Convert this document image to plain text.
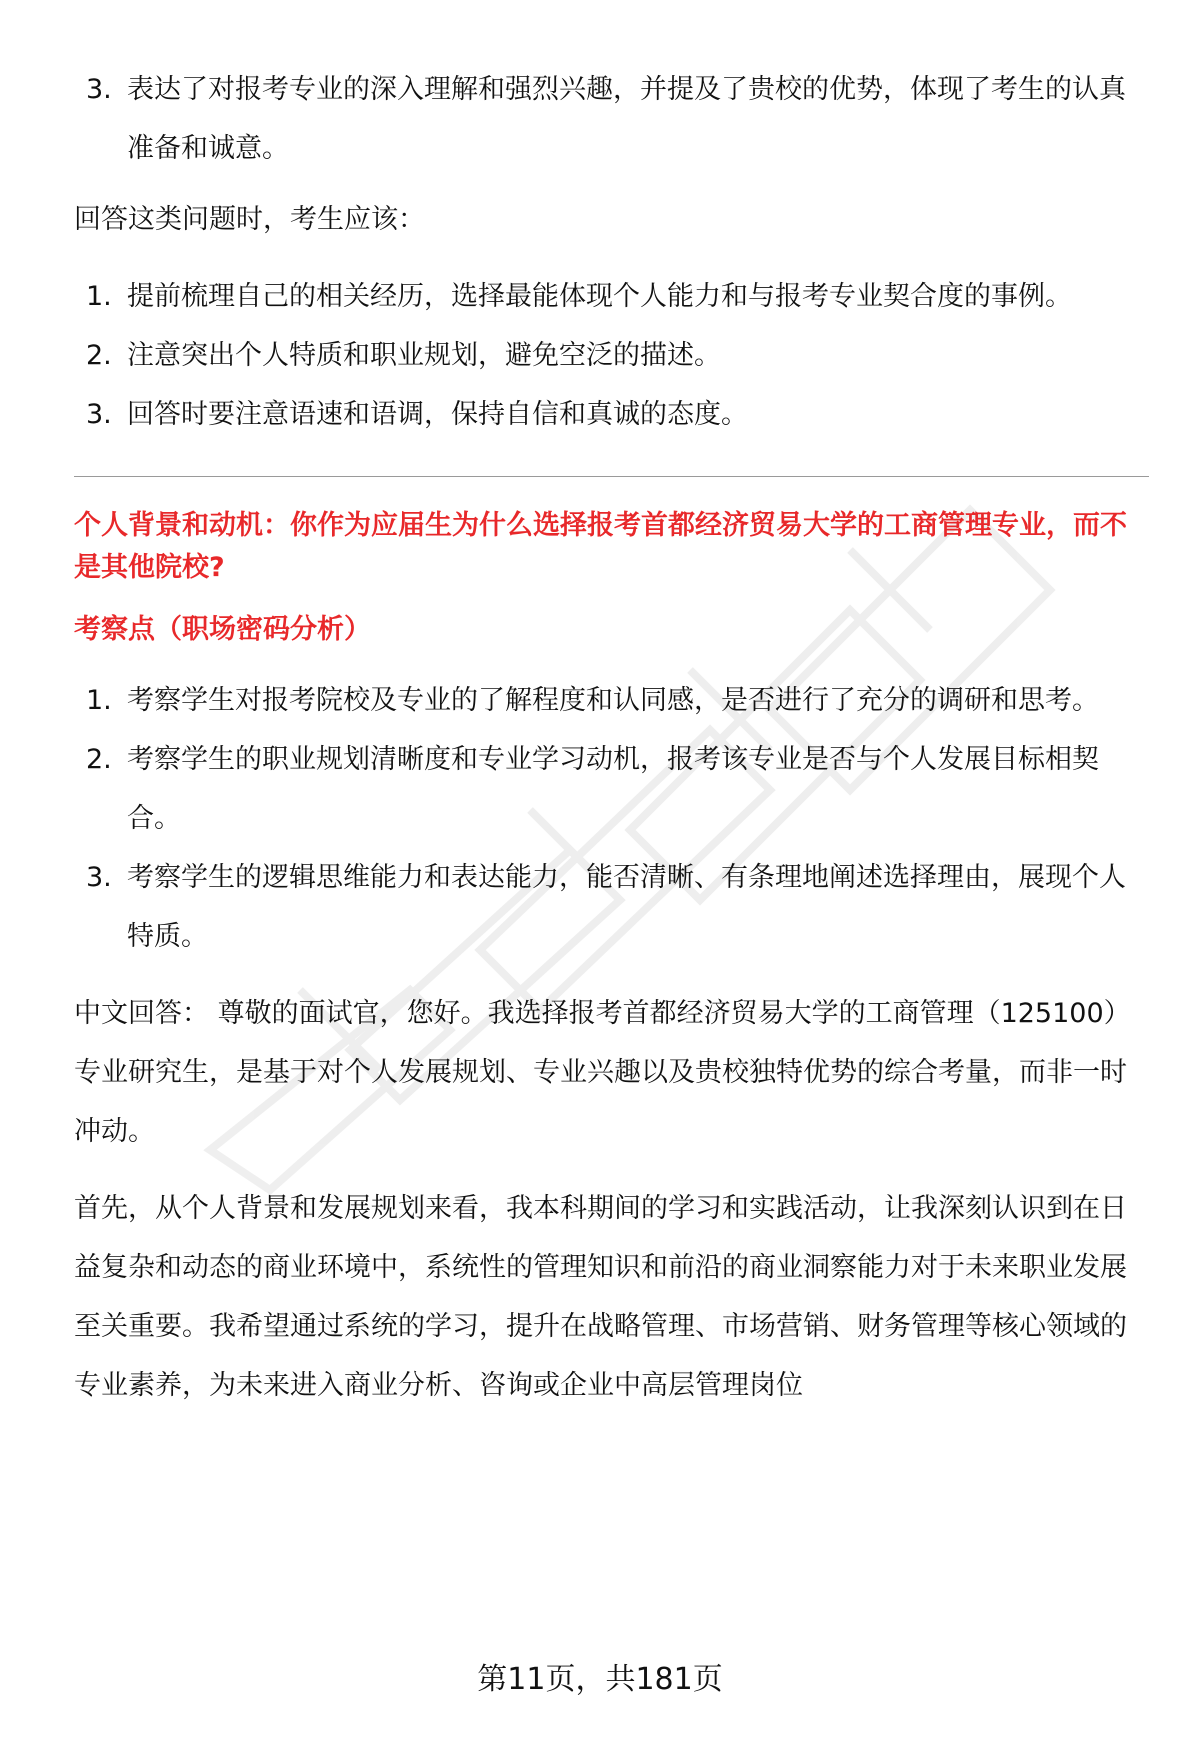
3. 表达了对报考专业的深入理解和强烈兴趣，并提及了贵校的优势，体现了考生的认真准备和诚意。

回答这类问题时，考生应该：

1. 提前梳理自己的相关经历，选择最能体现个人能力和与报考专业契合度的事例。
2. 注意突出个人特质和职业规划，避免空泛的描述。
3. 回答时要注意语速和语调，保持自信和真诚的态度。

个人背景和动机：你作为应届生为什么选择报考首都经济贸易大学的工商管理专业，而不是其他院校?

考察点（职场密码分析）

1. 考察学生对报考院校及专业的了解程度和认同感，是否进行了充分的调研和思考。
2. 考察学生的职业规划清晰度和专业学习动机，报考该专业是否与个人发展目标相契合。
3. 考察学生的逻辑思维能力和表达能力，能否清晰、有条理地阐述选择理由，展现个人特质。

中文回答： 尊敬的面试官，您好。我选择报考首都经济贸易大学的工商管理（125100）专业研究生，是基于对个人发展规划、专业兴趣以及贵校独特优势的综合考量，而非一时冲动。

首先，从个人背景和发展规划来看，我本科期间的学习和实践活动，让我深刻认识到在日益复杂和动态的商业环境中，系统性的管理知识和前沿的商业洞察能力对于未来职业发展至关重要。我希望通过系统的学习，提升在战略管理、市场营销、财务管理等核心领域的专业素养，为未来进入商业分析、咨询或企业中高层管理岗位

第11页，共181页
